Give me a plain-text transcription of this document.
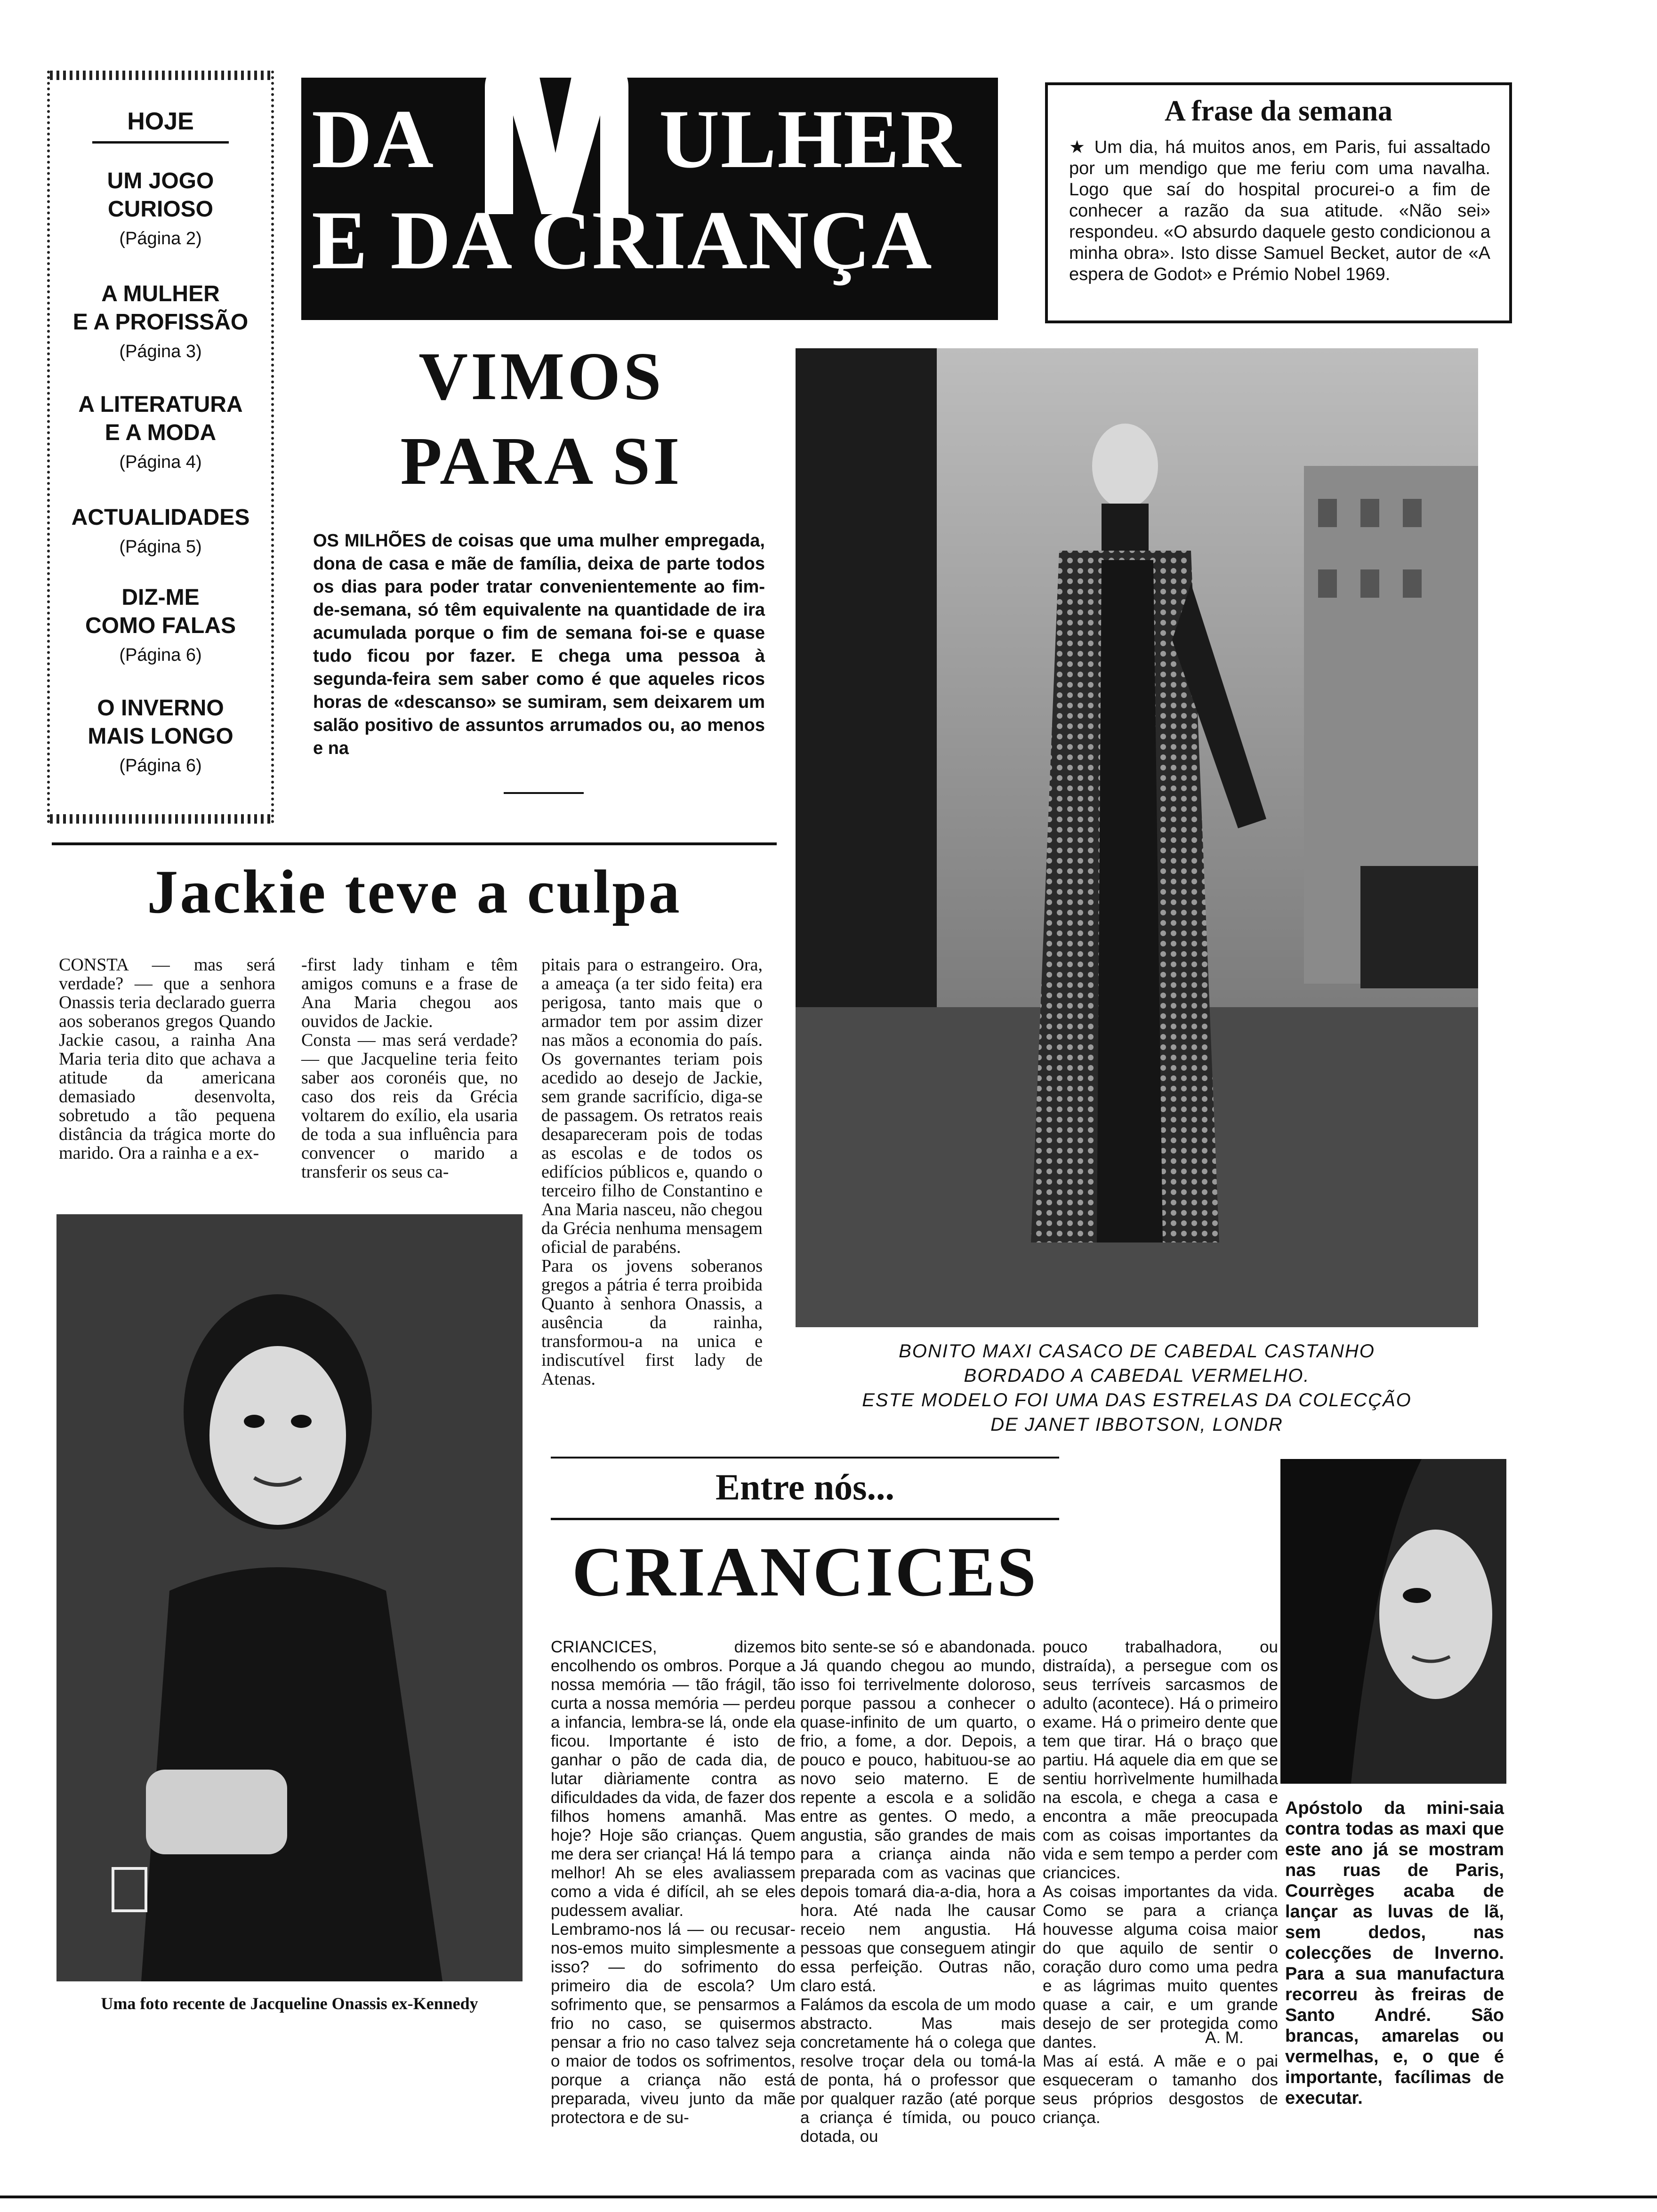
HOJE
UM JOGO
CURIOSO
(Página 2)
A MULHER
E A PROFISSÃO
(Página 3)
A LITERATURA
E A MODA
(Página 4)
ACTUALIDADES
(Página 5)
DIZ-ME
COMO FALAS
(Página 6)
O INVERNO
MAIS LONGO
(Página 6)
DA	ULHER
E DA CRIANÇA
A frase da semana
★ Um dia, há muitos anos, em Paris, fui assaltado por um mendigo que me feriu com uma navalha. Logo que saí do hospital procurei-o a fim de conhecer a razão da sua atitude. «Não sei» respondeu. «O absurdo daquele gesto condicionou a minha obra». Isto disse Samuel Becket, autor de «A espera de Godot» e Prémio Nobel 1969.
VIMOS
PARA SI
OS MILHÕES de coisas que uma mulher empregada, dona de casa e mãe de família, deixa de parte todos os dias para poder tratar convenientemente ao fim-de-semana, só têm equivalente na quantidade de ira acumulada porque o fim de semana foi-se e quase tudo ficou por fazer. E chega uma pessoa à segunda-feira sem saber como é que aqueles ricos horas de «descanso» se sumiram, sem deixarem um salão positivo de assuntos arrumados ou, ao menos e na
BONITO MAXI CASACO DE CABEDAL CASTANHO
BORDADO A CABEDAL VERMELHO.
ESTE MODELO FOI UMA DAS ESTRELAS DA COLECÇÃO
DE JANET IBBOTSON, LONDR
Jackie teve a culpa
CONSTA — mas será verdade? — que a senhora Onassis teria declarado guerra aos soberanos gregos Quando Jackie casou, a rainha Ana Maria teria dito que achava a atitude da americana demasiado desenvolta, sobretudo a tão pequena distância da trágica morte do marido. Ora a rainha e a ex-
-first lady tinham e têm amigos comuns e a frase de Ana Maria chegou aos ouvidos de Jackie.
Consta — mas será verdade? — que Jacqueline teria feito saber aos coronéis que, no caso dos reis da Grécia voltarem do exílio, ela usaria de toda a sua influência para convencer o marido a transferir os seus ca-
pitais para o estrangeiro. Ora, a ameaça (a ter sido feita) era perigosa, tanto mais que o armador tem por assim dizer nas mãos a economia do país. Os governantes teriam pois acedido ao desejo de Jackie, sem grande sacrifício, diga-se de passagem. Os retratos reais desapareceram pois de todas as escolas e de todos os edifícios públicos e, quando o terceiro filho de Constantino e Ana Maria nasceu, não chegou da Grécia nenhuma mensagem oficial de parabéns.
Para os jovens soberanos gregos a pátria é terra proibida Quanto à senhora Onassis, a ausência da rainha, transformou-a na unica e indiscutível first lady de Atenas.
Uma foto recente de Jacqueline Onassis ex-Kennedy
Entre nós...
CRIANCICES
CRIANCICES, dizemos encolhendo os ombros. Porque a nossa memória — tão frágil, tão curta a nossa memória — perdeu a infancia, lembra-se lá, onde ela ficou. Importante é isto de ganhar o pão de cada dia, de lutar diàriamente contra as dificuldades da vida, de fazer dos filhos homens amanhã. Mas hoje? Hoje são crianças. Quem me dera ser criança! Há lá tempo melhor! Ah se eles avaliassem como a vida é difícil, ah se eles pudessem avaliar.
Lembramo-nos lá — ou recusar-nos-emos muito simplesmente a isso? — do sofrimento do primeiro dia de escola? Um sofrimento que, se pensarmos a frio no caso, se quisermos pensar a frio no caso talvez seja o maior de todos os sofrimentos, porque a criança não está preparada, viveu junto da mãe protectora e de su-
bito sente-se só e abandonada. Já quando chegou ao mundo, isso foi terrivelmente doloroso, porque passou a conhecer o quase-infinito de um quarto, o frio, a fome, a dor. Depois, a pouco e pouco, habituou-se ao novo seio materno. E de repente a escola e a solidão entre as gentes. O medo, a angustia, são grandes de mais para a criança ainda não preparada com as vacinas que depois tomará dia-a-dia, hora a hora. Até nada lhe causar receio nem angustia. Há pessoas que conseguem atingir essa perfeição. Outras não, claro está.
Falámos da escola de um modo abstracto. Mas mais concretamente há o colega que resolve troçar dela ou tomá-la de ponta, há o professor que por qualquer razão (até porque a criança é tímida, ou pouco dotada, ou
pouco trabalhadora, ou distraída), a persegue com os seus terríveis sarcasmos de adulto (acontece). Há o primeiro exame. Há o primeiro dente que tem que tirar. Há o braço que partiu. Há aquele dia em que se sentiu horrìvelmente humilhada na escola, e chega a casa e encontra a mãe preocupada com as coisas importantes da vida e sem tempo a perder com criancices.
As coisas importantes da vida. Como se para a criança houvesse alguma coisa maior do que aquilo de sentir o coração duro como uma pedra e as lágrimas muito quentes quase a cair, e um grande desejo de ser protegida como dantes.
Mas aí está. A mãe e o pai esqueceram o tamanho dos seus próprios desgostos de criança.
A. M.
Apóstolo da mini-saia contra todas as maxi que este ano já se mostram nas ruas de Paris, Courrèges acaba de lançar as luvas de lã, sem dedos, nas colecções de Inverno. Para a sua manufactura recorreu às freiras de Santo André. São brancas, amarelas ou vermelhas, e, o que é importante, facílimas de executar.
